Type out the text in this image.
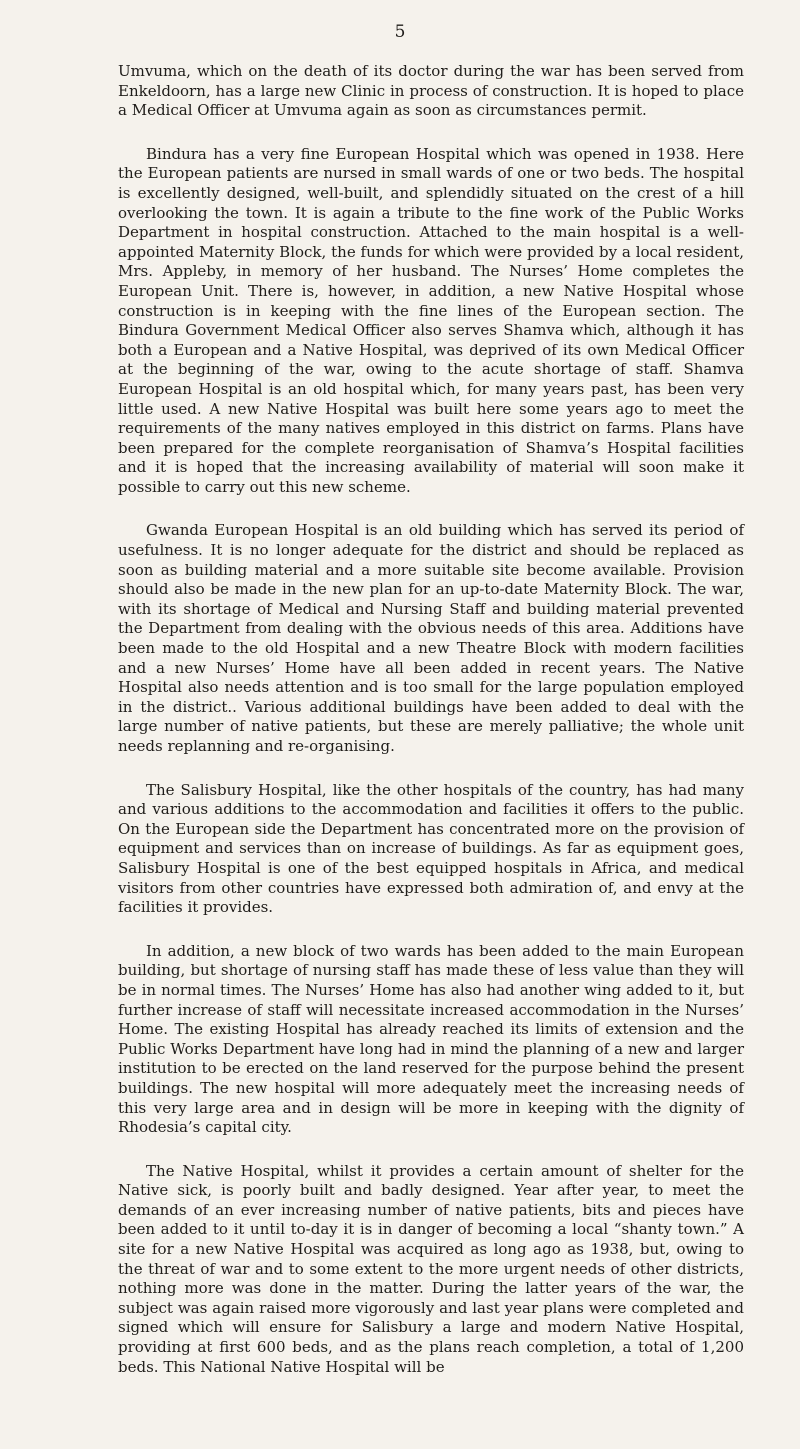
5

Umvuma, which on the death of its doctor during the war has been served from Enkeldoorn, has a large new Clinic in process of construction. It is hoped to place a Medical Officer at Umvuma again as soon as circumstances permit.

Bindura has a very fine European Hospital which was opened in 1938. Here the European patients are nursed in small wards of one or two beds. The hospital is excellently designed, well-built, and splendidly situated on the crest of a hill overlooking the town. It is again a tribute to the fine work of the Public Works Department in hospital construction. Attached to the main hospital is a well-appointed Maternity Block, the funds for which were provided by a local resident, Mrs. Appleby, in memory of her husband. The Nurses’ Home completes the European Unit. There is, however, in addition, a new Native Hospital whose construction is in keeping with the fine lines of the European section. The Bindura Government Medical Officer also serves Shamva which, although it has both a European and a Native Hospital, was deprived of its own Medical Officer at the beginning of the war, owing to the acute shortage of staff. Shamva European Hospital is an old hospital which, for many years past, has been very little used. A new Native Hospital was built here some years ago to meet the requirements of the many natives employed in this district on farms. Plans have been prepared for the complete reorganisation of Shamva’s Hospital facilities and it is hoped that the increasing availability of material will soon make it possible to carry out this new scheme.

Gwanda European Hospital is an old building which has served its period of usefulness. It is no longer adequate for the district and should be replaced as soon as building material and a more suitable site become available. Provision should also be made in the new plan for an up-to-date Maternity Block. The war, with its shortage of Medical and Nursing Staff and building material prevented the Department from dealing with the obvious needs of this area. Additions have been made to the old Hospital and a new Theatre Block with modern facilities and a new Nurses’ Home have all been added in recent years. The Native Hospital also needs attention and is too small for the large population employed in the district.. Various additional buildings have been added to deal with the large number of native patients, but these are merely palliative; the whole unit needs replanning and re-organising.

The Salisbury Hospital, like the other hospitals of the country, has had many and various additions to the accommodation and facilities it offers to the public. On the European side the Department has concentrated more on the provision of equipment and services than on increase of buildings. As far as equipment goes, Salisbury Hospital is one of the best equipped hospitals in Africa, and medical visitors from other countries have expressed both admiration of, and envy at the facilities it provides.

In addition, a new block of two wards has been added to the main European building, but shortage of nursing staff has made these of less value than they will be in normal times. The Nurses’ Home has also had another wing added to it, but further increase of staff will necessitate increased accommodation in the Nurses’ Home. The existing Hospital has already reached its limits of extension and the Public Works Department have long had in mind the planning of a new and larger institution to be erected on the land reserved for the purpose behind the present buildings. The new hospital will more adequately meet the increasing needs of this very large area and in design will be more in keeping with the dignity of Rhodesia’s capital city.

The Native Hospital, whilst it provides a certain amount of shelter for the Native sick, is poorly built and badly designed. Year after year, to meet the demands of an ever increasing number of native patients, bits and pieces have been added to it until to-day it is in danger of becoming a local “shanty town.” A site for a new Native Hospital was acquired as long ago as 1938, but, owing to the threat of war and to some extent to the more urgent needs of other districts, nothing more was done in the matter. During the latter years of the war, the subject was again raised more vigorously and last year plans were completed and signed which will ensure for Salisbury a large and modern Native Hospital, providing at first 600 beds, and as the plans reach completion, a total of 1,200 beds. This National Native Hospital will be
